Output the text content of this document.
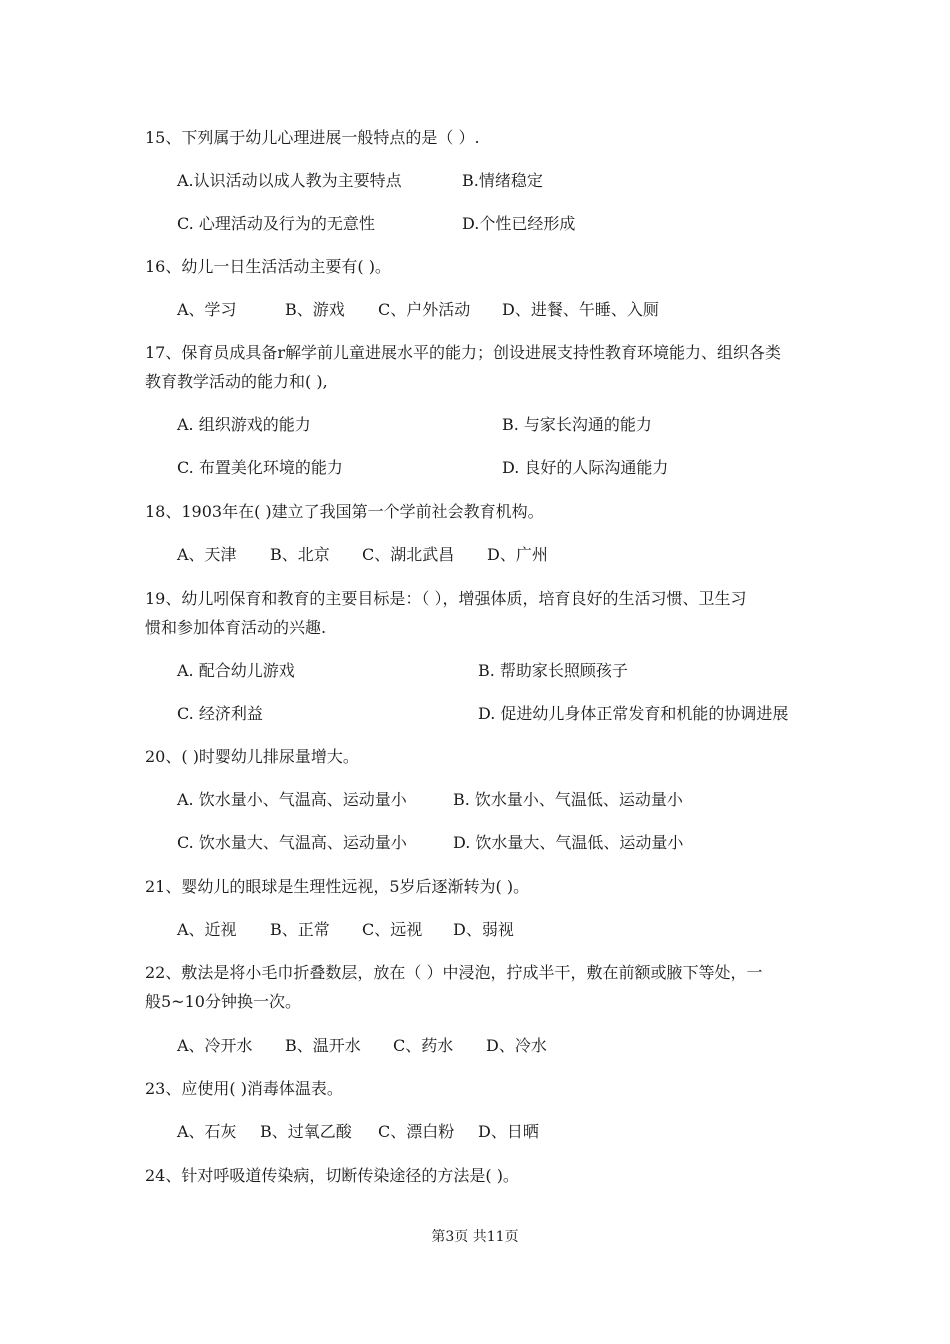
15、下列属于幼儿心理进展一般特点的是（ ）.
A.认识活动以成人教为主要特点	B.情绪稳定
C. 心理活动及行为的无意性	D.个性已经形成
16、幼儿一日生活活动主要有( )。
A、学习	B、游戏 C、户外活动 D、进餐、午睡、入厕
17、保育员成具备r解学前儿童进展水平的能力；创设进展支持性教育环境能力、组织各类
教育教学活动的能力和( ),
A. 组织游戏的能力	B. 与家长沟通的能力
C. 布置美化环境的能力	D. 良好的人际沟通能力
18、1903年在( )建立了我国第一个学前社会教育机构。
A、天津 B、北京 C、湖北武昌 D、广州
19、幼儿吲保育和教育的主要目标是：（ ），增强体质，培育良好的生活习惯、卫生习
惯和参加体育活动的兴趣.
A. 配合幼儿游戏	B. 帮助家长照顾孩子
C. 经济利益	D. 促进幼儿身体正常发育和机能的协调进展
20、( )时婴幼儿排尿量增大。
A. 饮水量小、气温高、运动量小	B. 饮水量小、气温低、运动量小
C. 饮水量大、气温高、运动量小	D. 饮水量大、气温低、运动量小
21、婴幼儿的眼球是生理性远视，5岁后逐渐转为( )。
A、近视 B、正常 C、远视 D、弱视
22、敷法是将小毛巾折叠数层，放在（ ）中浸泡，拧成半干，敷在前额或腋下等处，一
般5~10分钟换一次。
A、冷开水 B、温开水 C、药水 D、冷水
23、应使用( )消毒体温表。
A、石灰 B、过氧乙酸 C、漂白粉 D、日晒
24、针对呼吸道传染病，切断传染途径的方法是( )。
第3页 共11页
